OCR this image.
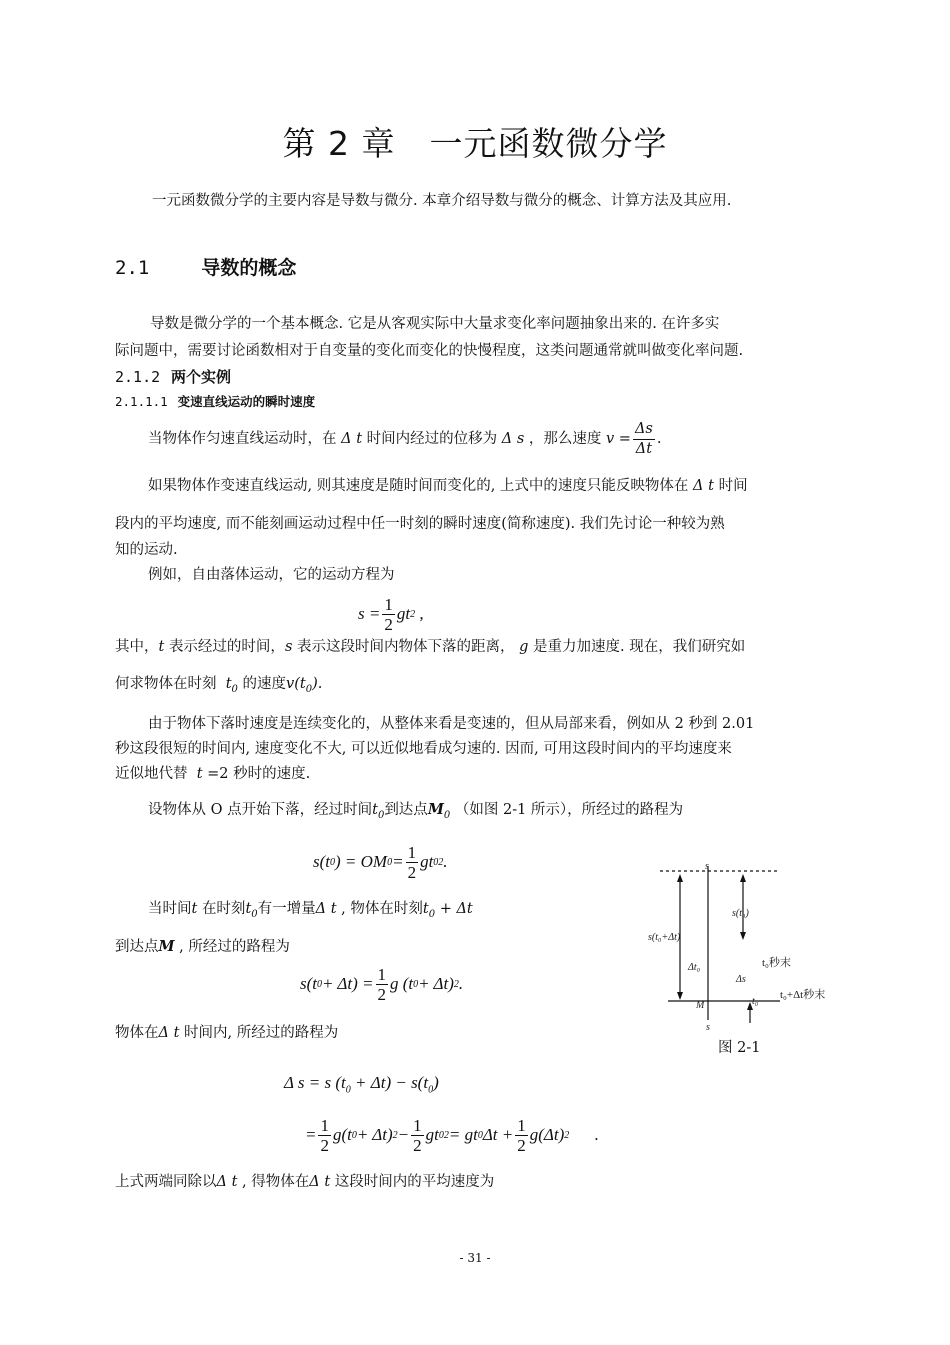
第 2 章　一元函数微分学
一元函数微分学的主要内容是导数与微分. 本章介绍导数与微分的概念、计算方法及其应用.
2.1	导数的概念
导数是微分学的一个基本概念. 它是从客观实际中大量求变化率问题抽象出来的. 在许多实
际问题中，需要讨论函数相对于自变量的变化而变化的快慢程度，这类问题通常就叫做变化率问题.
2.1.2 两个实例
2.1.1.1 变速直线运动的瞬时速度
当物体作匀速直线运动时，在 Δ t 时间内经过的位移为 Δ s ，那么速度 $v = \frac{\Delta s}{\Delta t}$ .
如果物体作变速直线运动, 则其速度是随时间而变化的, 上式中的速度只能反映物体在 Δ t 时间
段内的平均速度, 而不能刻画运动过程中任一时刻的瞬时速度(简称速度). 我们先讨论一种较为熟
知的运动.
例如，自由落体运动，它的运动方程为
$s = \frac{1}{2}$ gt 2 ,
其中，t 表示经过的时间，s 表示这段时间内物体下落的距离， g 是重力加速度. 现在，我们研究如
何求物体在时刻  $t_0$ 的速度$v(t_0)$.
由于物体下落时速度是连续变化的，从整体来看是变速的，但从局部来看，例如从 2 秒到 2.01
秒这段很短的时间内, 速度变化不大, 可以近似地看成匀速的. 因而, 可用这段时间内的平均速度来
近似地代替  t =2 秒时的速度.
设物体从 O 点开始下落，经过时间$t_0$到达点$M_0$ （如图 2-1 所示），所经过的路程为
s(t 0 ) = OM $0 = \frac{1}{2}$ gt 0 2 .
当时间t 在时刻$t_0$有一增量Δ t , 物体在时刻$t_0 + \Delta t$
到达点M , 所经过的路程为
s(t $0 + \Delta t) = \frac{1}{2}$ g (t 0 + Δt) 2 .
物体在Δ t 时间内, 所经过的路程为
Δ s = s $(t_0 + \Delta t) - s(t_0)$
= $\frac{1}{2} g(t$ 0 + Δt) $2 - \frac{1}{2}$ gt 0 2 = gt 0 $\Delta t + \frac{1}{2} g(\Delta t)$ 2 .
上式两端同除以Δ t , 得物体在Δ t 这段时间内的平均速度为
s
s(t₀)
s(t₀+Δt)
Δt₀
Δs
t₀秒末
t₀+Δt秒末
M	t₀
s
图 2-1
- 31 -
